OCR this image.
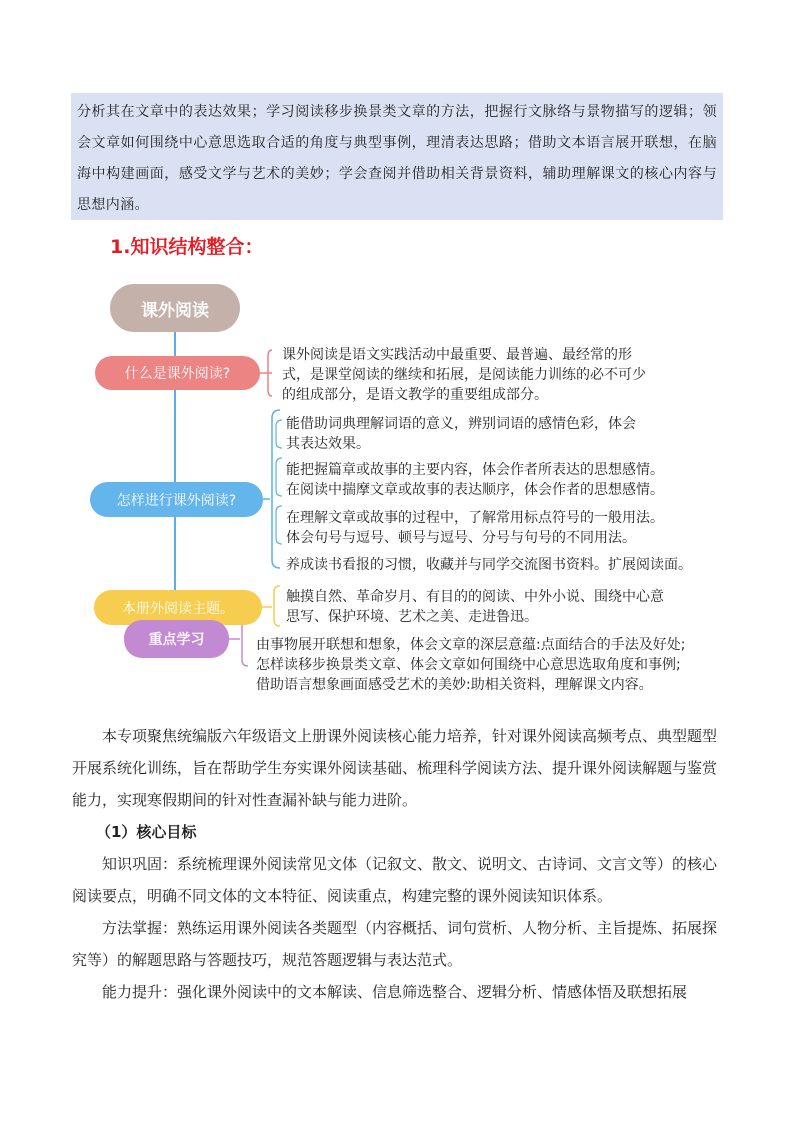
分析其在文章中的表达效果；学习阅读移步换景类文章的方法，把握行文脉络与景物描写的逻辑；领会文章如何围绕中心意思选取合适的角度与典型事例，理清表达思路；借助文本语言展开联想，在脑海中构建画面，感受文学与艺术的美妙；学会查阅并借助相关背景资料，辅助理解课文的核心内容与思想内涵。

1.知识结构整合：
课外阅读
什么是课外阅读?
课外阅读是语文实践活动中最重要、最普遍、最经常的形
式，是课堂阅读的继续和拓展，是阅读能力训练的必不可少
的组成部分，是语文教学的重要组成部分。
怎样进行课外阅读?
能借助词典理解词语的意义，辨别词语的感情色彩，体会
其表达效果。
能把握篇章或故事的主要内容，体会作者所表达的思想感情。
在阅读中揣摩文章或故事的表达顺序，体会作者的思想感情。
在理解文章或故事的过程中，了解常用标点符号的一般用法。
体会句号与逗号、顿号与逗号、分号与句号的不同用法。
养成读书看报的习惯，收藏并与同学交流图书资料。扩展阅读面。
本册外阅读主题。
触摸自然、革命岁月、有目的的阅读、中外小说、围绕中心意
思写、保护环境、艺术之美、走进鲁迅。
重点学习	由事物展开联想和想象，体会文章的深层意蕴:点面结合的手法及好处;
怎样读移步换景类文章、体会文章如何围绕中心意思选取角度和事例;
借助语言想象画面感受艺术的美妙:助相关资料，理解课文内容。

本专项聚焦统编版六年级语文上册课外阅读核心能力培养，针对课外阅读高频考点、典型题型开展系统化训练，旨在帮助学生夯实课外阅读基础、梳理科学阅读方法、提升课外阅读解题与鉴赏能力，实现寒假期间的针对性查漏补缺与能力进阶。

（1）核心目标

知识巩固：系统梳理课外阅读常见文体（记叙文、散文、说明文、古诗词、文言文等）的核心阅读要点，明确不同文体的文本特征、阅读重点，构建完整的课外阅读知识体系。

方法掌握：熟练运用课外阅读各类题型（内容概括、词句赏析、人物分析、主旨提炼、拓展探究等）的解题思路与答题技巧，规范答题逻辑与表达范式。

能力提升：强化课外阅读中的文本解读、信息筛选整合、逻辑分析、情感体悟及联想拓展
